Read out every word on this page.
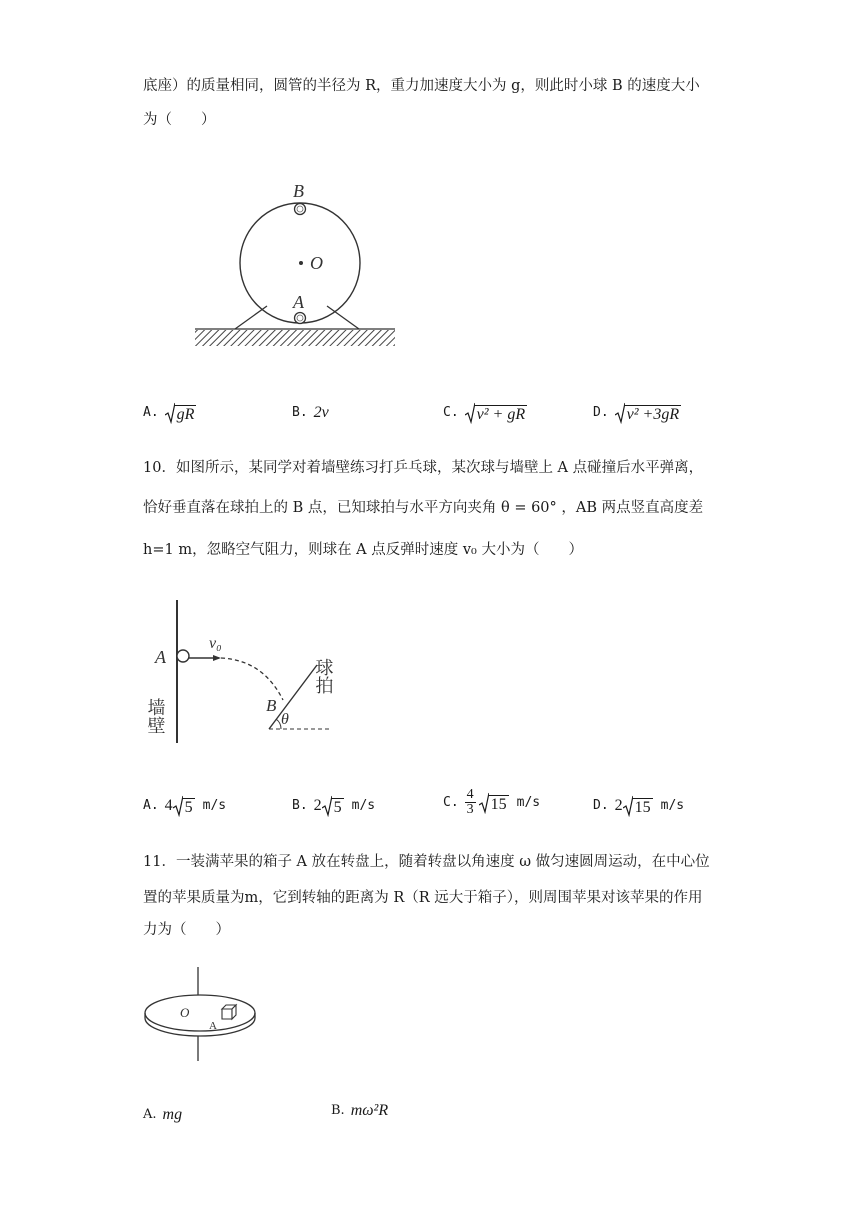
底座）的质量相同，圆管的半径为 R，重力加速度大小为 g，则此时小球 B 的速度大小
为（　　）
B
O
A
A. gR	B. 2v	C. v² + gR	D. v² +3gR
10．如图所示，某同学对着墙壁练习打乒乓球，某次球与墙壁上 A 点碰撞后水平弹离，
恰好垂直落在球拍上的 B 点，已知球拍与水平方向夹角 θ = 60° ，AB 两点竖直高度差
h=1 m，忽略空气阻力，则球在 A 点反弹时速度 v₀ 大小为（　　）
A
v₀
墙壁	B
θ
球拍
A. 4 5 m/s	B. 2 5 m/s	C. $\frac{4}{3} 15$ m/s	D. 2 15 m/s
11．一装满苹果的箱子 A 放在转盘上，随着转盘以角速度 ω 做匀速圆周运动，在中心位
置的苹果质量为m，它到转轴的距离为 R（R 远大于箱子），则周围苹果对该苹果的作用
力为（　　）
O
A
A. mg	B. mω²R
